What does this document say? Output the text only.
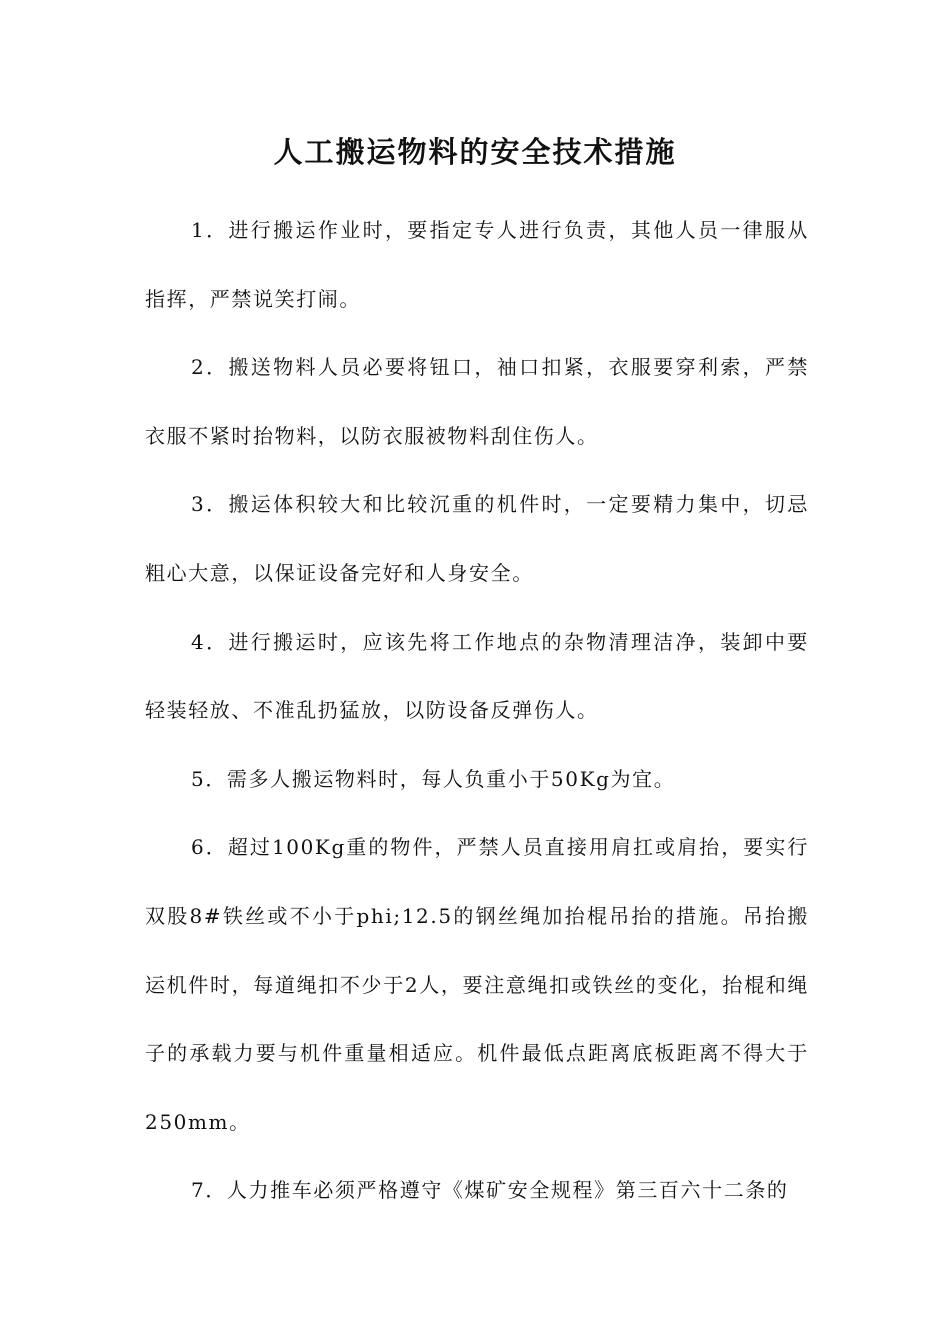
人工搬运物料的安全技术措施

1．进行搬运作业时，要指定专人进行负责，其他人员一律服从指挥，严禁说笑打闹。

2．搬送物料人员必要将钮口，袖口扣紧，衣服要穿利索，严禁衣服不紧时抬物料，以防衣服被物料刮住伤人。

3．搬运体积较大和比较沉重的机件时，一定要精力集中，切忌粗心大意，以保证设备完好和人身安全。

4．进行搬运时，应该先将工作地点的杂物清理洁净，装卸中要轻装轻放、不准乱扔猛放，以防设备反弹伤人。

5．需多人搬运物料时，每人负重小于50Kg为宜。

6．超过100Kg重的物件，严禁人员直接用肩扛或肩抬，要实行双股8#铁丝或不小于phi;12.5的钢丝绳加抬棍吊抬的措施。吊抬搬运机件时，每道绳扣不少于2人，要注意绳扣或铁丝的变化，抬棍和绳子的承载力要与机件重量相适应。机件最低点距离底板距离不得大于250mm。

7．人力推车必须严格遵守《煤矿安全规程》第三百六十二条的
